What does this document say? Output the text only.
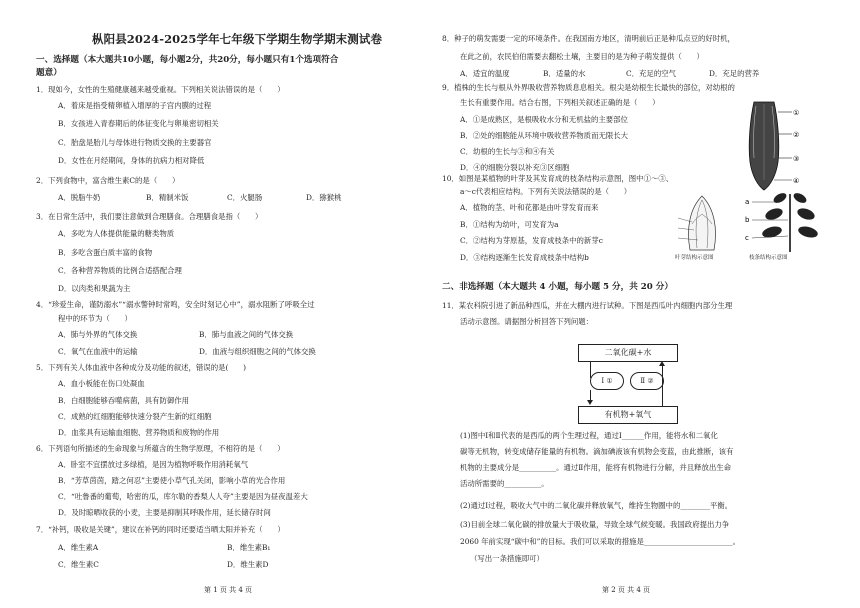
枞阳县2024-2025学年七年级下学期生物学期末测试卷
一、选择题（本大题共10小题，每小题2分，共20分，每小题只有1个选项符合
题意）
1．现如今，女性的生殖健康越来越受重视。下列相关说法错误的是（　　）
A．着床是指受精卵植入增厚的子宫内膜的过程
B．女孩进入青春期后的体征变化与卵巢密切相关
C．胎盘是胎儿与母体进行物质交换的主要器官
D．女性在月经期间，身体的抗病力相对降低
2．下列食物中，富含维生素C的是（　　）
A．脱脂牛奶	B．精制米饭	C．火腿肠	D．猕猴桃
3．在日常生活中，我们要注意做到合理膳食。合理膳食是指（　　）
A．多吃为人体提供能量的糖类物质
B．多吃含蛋白质丰富的食物
C．各种营养物质的比例合适搭配合理
D．以肉类和果蔬为主
4．“珍爱生命，谨防溺水”“溺水警钟时常鸣，安全时刻记心中”，溺水阻断了呼吸全过
程中的环节为（　　）
A．肺与外界的气体交换	B．肺与血液之间的气体交换
C．氧气在血液中的运输	D．血液与组织细胞之间的气体交换
5．下列有关人体血液中各种成分及功能的叙述，错误的是(　　)
A．血小板能在伤口处凝血
B．白细胞能够吞噬病菌，具有防御作用
C．成熟的红细胞能够快速分裂产生新的红细胞
D．血浆具有运输血细胞、营养物质和废物的作用
6．下列语句所描述的生命现象与所蕴含的生物学原理，不相符的是（　　）
A．卧室不宜摆放过多绿植，是因为植物呼吸作用消耗氧气
B．“芳草茵茵，踏之何忍”主要使小草气孔关闭，影响小草的光合作用
C．“吐鲁番的葡萄，哈密的瓜，库尔勒的香梨人人夸”主要是因为昼夜温差大
D．及时晾晒收获的小麦，主要是抑制其呼吸作用，延长储存时间
7．“补钙，吸收是关键”，建议在补钙的同时还要适当晒太阳并补充（　　）
A．维生素A	B．维生素B₁
C．维生素C	D．维生素D
第 1 页 共 4 页
8．种子的萌发需要一定的环境条件。在我国南方地区，清明前后正是种瓜点豆的好时机，
在此之前，农民伯伯需要去翻松土壤，主要目的是为种子萌发提供（　　）
A．适宜的温度	B．适量的水	C．充足的空气	D．充足的营养
9．植株的生长与根从外界吸收营养物质息息相关。根尖是幼根生长最快的部位，对幼根的
生长有重要作用。结合右图，下列相关叙述正确的是（　　）
A．①是成熟区，是根吸收水分和无机盐的主要部位
B．②处的细胞能从环境中吸收营养物质而无限长大
C．幼根的生长与③和④有关
D．④的细胞分裂以补充③区细胞
①
②
③
④
10．如图是某植物的叶芽及其发育成的枝条结构示意图，图中①～③、
a～c代表相应结构。下列有关说法错误的是（　　）
A．植物的茎、叶和花都是由叶芽发育而来
B．①结构为幼叶，可发育为a
C．②结构为芽原基，发育成枝条中的新芽c
D．③结构逐渐生长发育成枝条中结构b	叶芽结构示意图
a
b
c
枝条结构示意图
二、非选择题（本大题共 4 小题，每小题 5 分，共 20 分）
11．某农科院引进了新品种西瓜，并在大棚内进行试种。下图是西瓜叶内细胞内部分生理
活动示意图。请据图分析回答下列问题：
二氧化碳+水
有机物+氧气
Ⅰ ①	Ⅱ ②
(1)图中Ⅰ和Ⅱ代表的是西瓜的两个生理过程，通过Ⅰ______作用，能将水和二氧化
碳等无机物，转变成储存能量的有机物。滴加碘液该有机物会变蓝，由此推断，该有
机物的主要成分是__________。通过Ⅱ作用，能将有机物进行分解，并且释放出生命
活动所需要的__________。
(2)通过Ⅰ过程，吸收大气中的二氧化碳并释放氧气，维持生物圈中的________平衡。
(3)目前全球二氧化碳的排放量大于吸收量，导致全球气候变暖。我国政府提出力争
2060 年前实现“碳中和”的目标。我们可以采取的措施是________________________。
（写出一条措施即可）
第 2 页 共 4 页
